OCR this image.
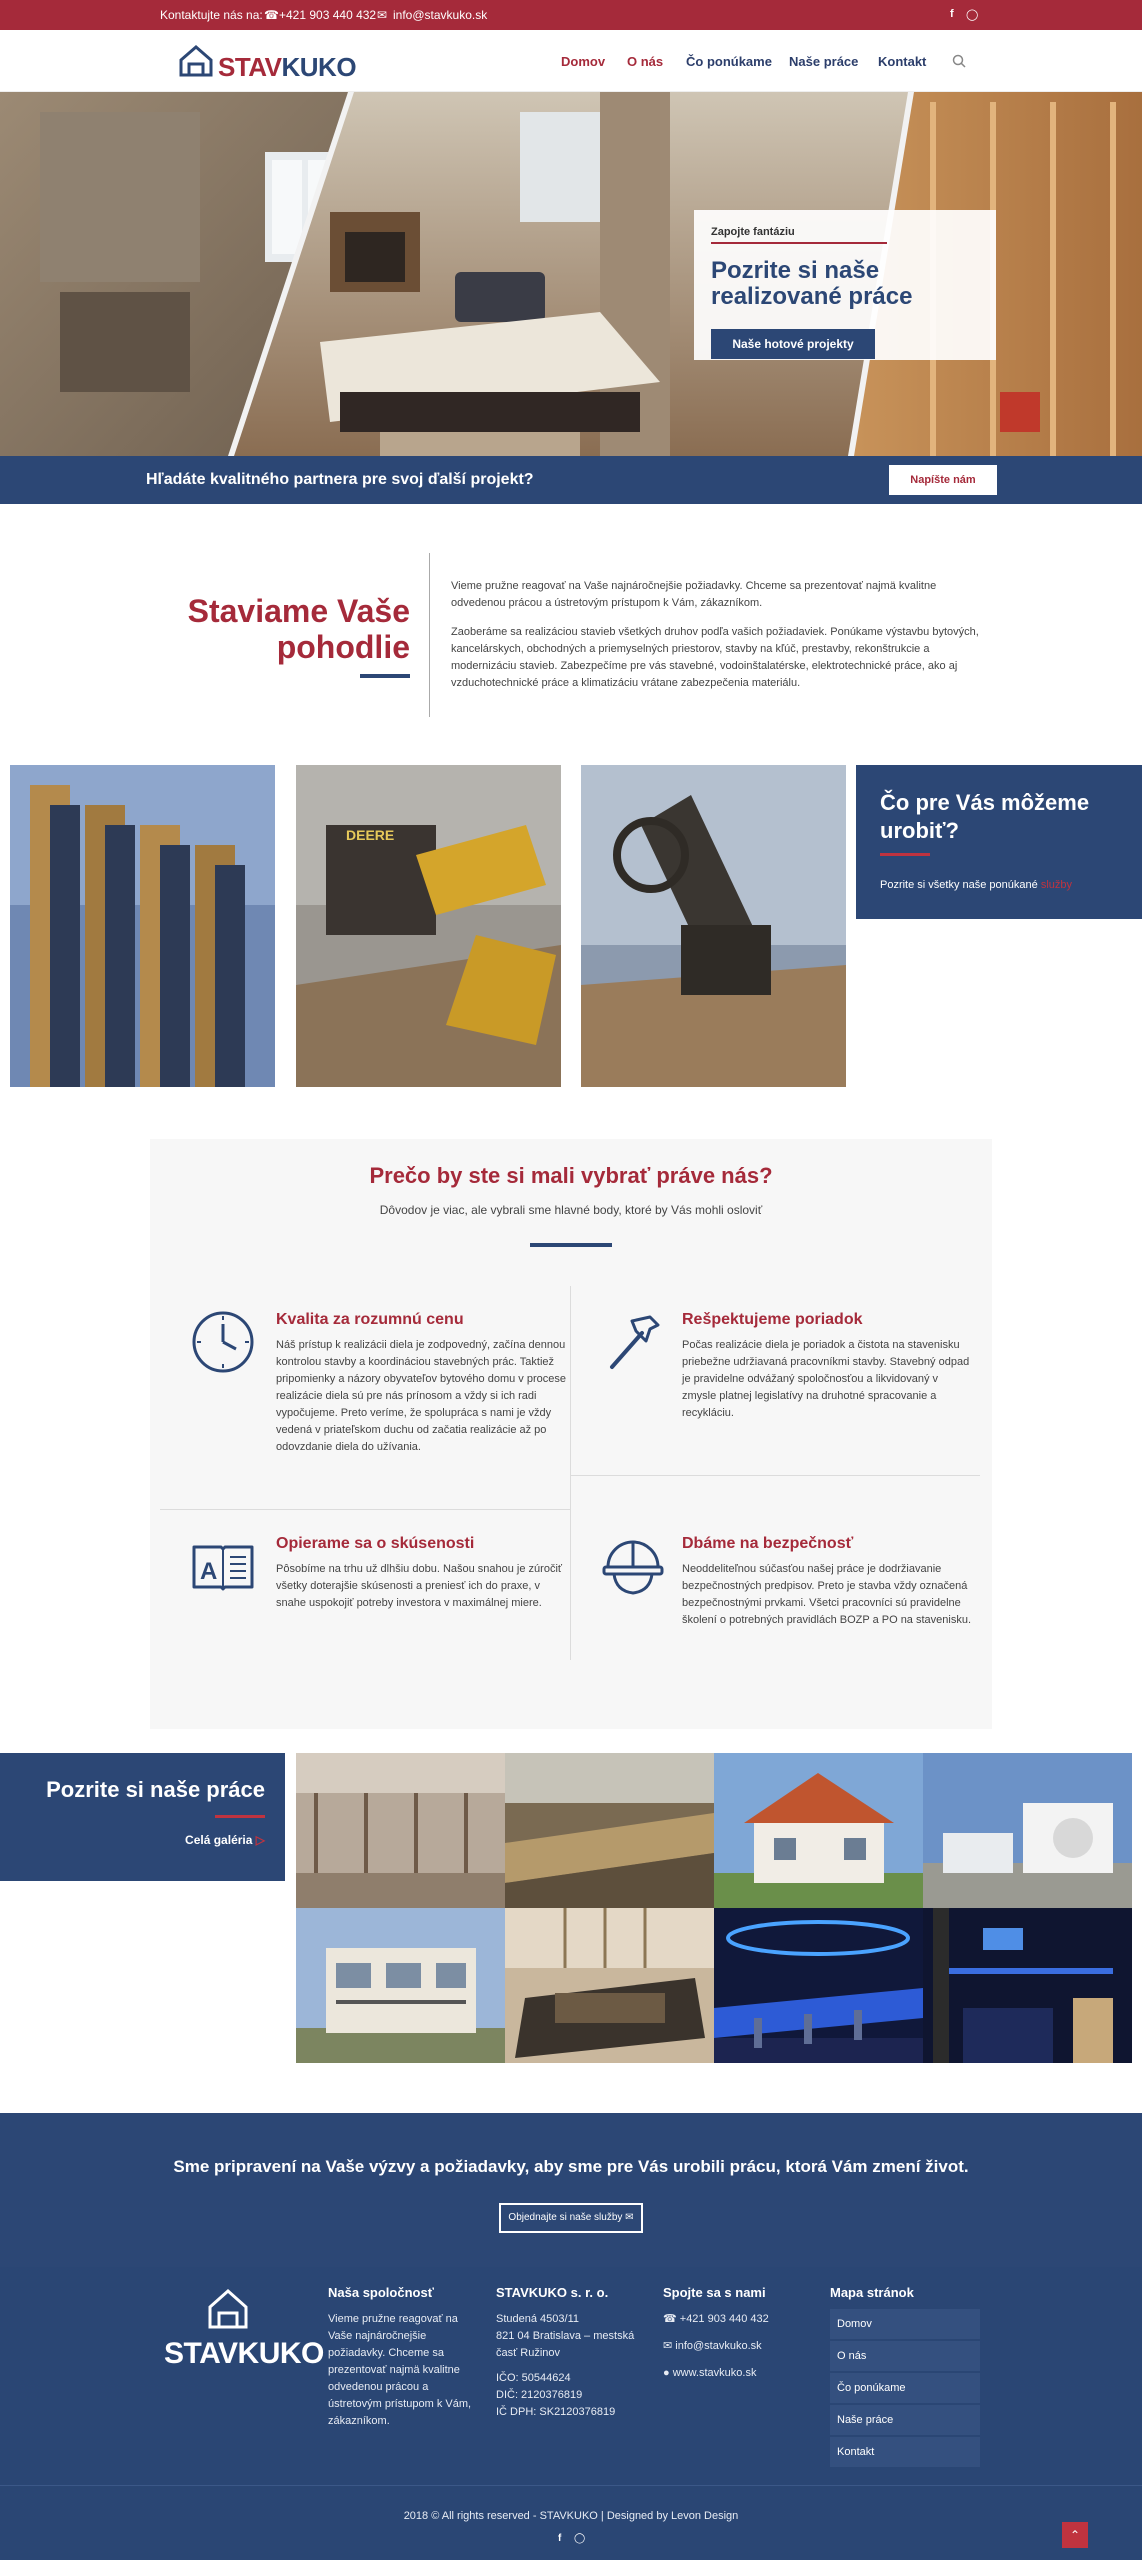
Kontaktujte nás na: ☎ +421 903 440 432 ✉ info@stavkuko.sk	f ◯
STAVKUKO	Domov O nás Čo ponúkame Naše práce Kontakt
Zapojte fantáziu
Pozrite si naše
realizované práce
Naše hotové projekty
Hľadáte kvalitného partnera pre svoj ďalší projekt?	Napíšte nám
Staviame Vaše
pohodlie
Vieme pružne reagovať na Vaše najnáročnejšie požiadavky. Chceme sa prezentovať najmä kvalitne odvedenou prácou a ústretovým prístupom k Vám, zákazníkom.
Zaoberáme sa realizáciou stavieb všetkých druhov podľa vašich požiadaviek. Ponúkame výstavbu bytových, kancelárskych, obchodných a priemyselných priestorov, stavby na kľúč, prestavby, rekonštrukcie a modernizáciu stavieb. Zabezpečíme pre vás stavebné, vodoinštalatérske, elektrotechnické práce, ako aj vzduchotechnické práce a klimatizáciu vrátane zabezpečenia materiálu.
DEERE
Čo pre Vás môžeme
urobiť?
Pozrite si všetky naše ponúkané služby
Prečo by ste si mali vybrať práve nás?
Dôvodov je viac, ale vybrali sme hlavné body, ktoré by Vás mohli osloviť
Kvalita za rozumnú cenu
Náš prístup k realizácii diela je zodpovedný, začína dennou kontrolou stavby a koordináciou stavebných prác. Taktiež pripomienky a názory obyvateľov bytového domu v procese realizácie diela sú pre nás prínosom a vždy si ich radi vypočujeme. Preto veríme, že spolupráca s nami je vždy vedená v priateľskom duchu od začatia realizácie až po odovzdanie diela do užívania.
Rešpektujeme poriadok
Počas realizácie diela je poriadok a čistota na stavenisku priebežne udržiavaná pracovníkmi stavby. Stavebný odpad je pravidelne odvážaný spoločnosťou a likvidovaný v zmysle platnej legislatívy na druhotné spracovanie a recykláciu.
A
Opierame sa o skúsenosti
Pôsobíme na trhu už dlhšiu dobu. Našou snahou je zúročiť všetky doterajšie skúsenosti a preniesť ich do praxe, v snahe uspokojiť potreby investora v maximálnej miere.
Dbáme na bezpečnosť
Neoddeliteľnou súčasťou našej práce je dodržiavanie bezpečnostných predpisov. Preto je stavba vždy označená bezpečnostnými prvkami. Všetci pracovníci sú pravidelne školení o potrebných pravidlách BOZP a PO na stavenisku.
Pozrite si naše práce
Celá galéria ▷
Sme pripravení na Vaše výzvy a požiadavky, aby sme pre Vás urobili prácu, ktorá Vám zmení život.
Objednajte si naše služby ✉
STAVKUKO
Naša spoločnosť
Vieme pružne reagovať na Vaše najnáročnejšie požiadavky. Chceme sa prezentovať najmä kvalitne odvedenou prácou a ústretovým prístupom k Vám, zákazníkom.
STAVKUKO s. r. o.
Studená 4503/11
821 04 Bratislava – mestská
časť Ružinov
IČO: 50544624
DIČ: 2120376819
IČ DPH: SK2120376819
Spojte sa s nami
☎ +421 903 440 432
✉ info@stavkuko.sk
● www.stavkuko.sk
Mapa stránok
Domov
O nás
Čo ponúkame
Naše práce
Kontakt
2018 © All rights reserved - STAVKUKO | Designed by Levon Design
f ◯	⌃
